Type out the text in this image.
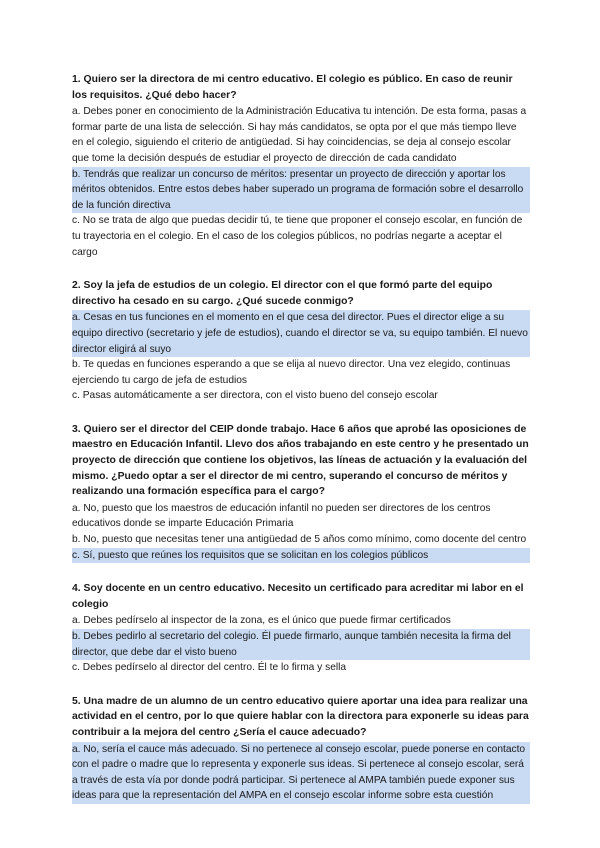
1. Quiero ser la directora de mi centro educativo. El colegio es público. En caso de reunir los requisitos. ¿Qué debo hacer?

a. Debes poner en conocimiento de la Administración Educativa tu intención. De esta forma, pasas a formar parte de una lista de selección. Si hay más candidatos, se opta por el que más tiempo lleve en el colegio, siguiendo el criterio de antigüedad. Si hay coincidencias, se deja al consejo escolar que tome la decisión después de estudiar el proyecto de dirección de cada candidato

b. Tendrás que realizar un concurso de méritos: presentar un proyecto de dirección y aportar los méritos obtenidos. Entre estos debes haber superado un programa de formación sobre el desarrollo de la función directiva

c. No se trata de algo que puedas decidir tú, te tiene que proponer el consejo escolar, en función de tu trayectoria en el colegio. En el caso de los colegios públicos, no podrías negarte a aceptar el cargo

2. Soy la jefa de estudios de un colegio. El director con el que formó parte del equipo directivo ha cesado en su cargo. ¿Qué sucede conmigo?

a. Cesas en tus funciones en el momento en el que cesa del director. Pues el director elige a su equipo directivo (secretario y jefe de estudios), cuando el director se va, su equipo también. El nuevo director eligirá al suyo

b. Te quedas en funciones esperando a que se elija al nuevo director. Una vez elegido, continuas ejerciendo tu cargo de jefa de estudios

c. Pasas automáticamente a ser directora, con el visto bueno del consejo escolar

3. Quiero ser el director del CEIP donde trabajo. Hace 6 años que aprobé las oposiciones de maestro en Educación Infantil. Llevo dos años trabajando en este centro y he presentado un proyecto de dirección que contiene los objetivos, las líneas de actuación y la evaluación del mismo. ¿Puedo optar a ser el director de mi centro, superando el concurso de méritos y realizando una formación específica para el cargo?

a. No, puesto que los maestros de educación infantil no pueden ser directores de los centros educativos donde se imparte Educación Primaria

b. No, puesto que necesitas tener una antigüedad de 5 años como mínimo, como docente del centro

c. Sí, puesto que reúnes los requisitos que se solicitan en los colegios públicos

4. Soy docente en un centro educativo. Necesito un certificado para acreditar mi labor en el colegio

a. Debes pedírselo al inspector de la zona, es el único que puede firmar certificados

b. Debes pedirlo al secretario del colegio. Él puede firmarlo, aunque también necesita la firma del director, que debe dar el visto bueno

c. Debes pedírselo al director del centro. Él te lo firma y sella

5. Una madre de un alumno de un centro educativo quiere aportar una idea para realizar una actividad en el centro, por lo que quiere hablar con la directora para exponerle su ideas para contribuir a la mejora del centro ¿Sería el cauce adecuado?

a. No, sería el cauce más adecuado. Si no pertenece al consejo escolar, puede ponerse en contacto con el padre o madre que lo representa y exponerle sus ideas. Si pertenece al consejo escolar, será a través de esta vía por donde podrá participar. Si pertenece al AMPA también puede exponer sus ideas para que la representación del AMPA en el consejo escolar informe sobre esta cuestión
